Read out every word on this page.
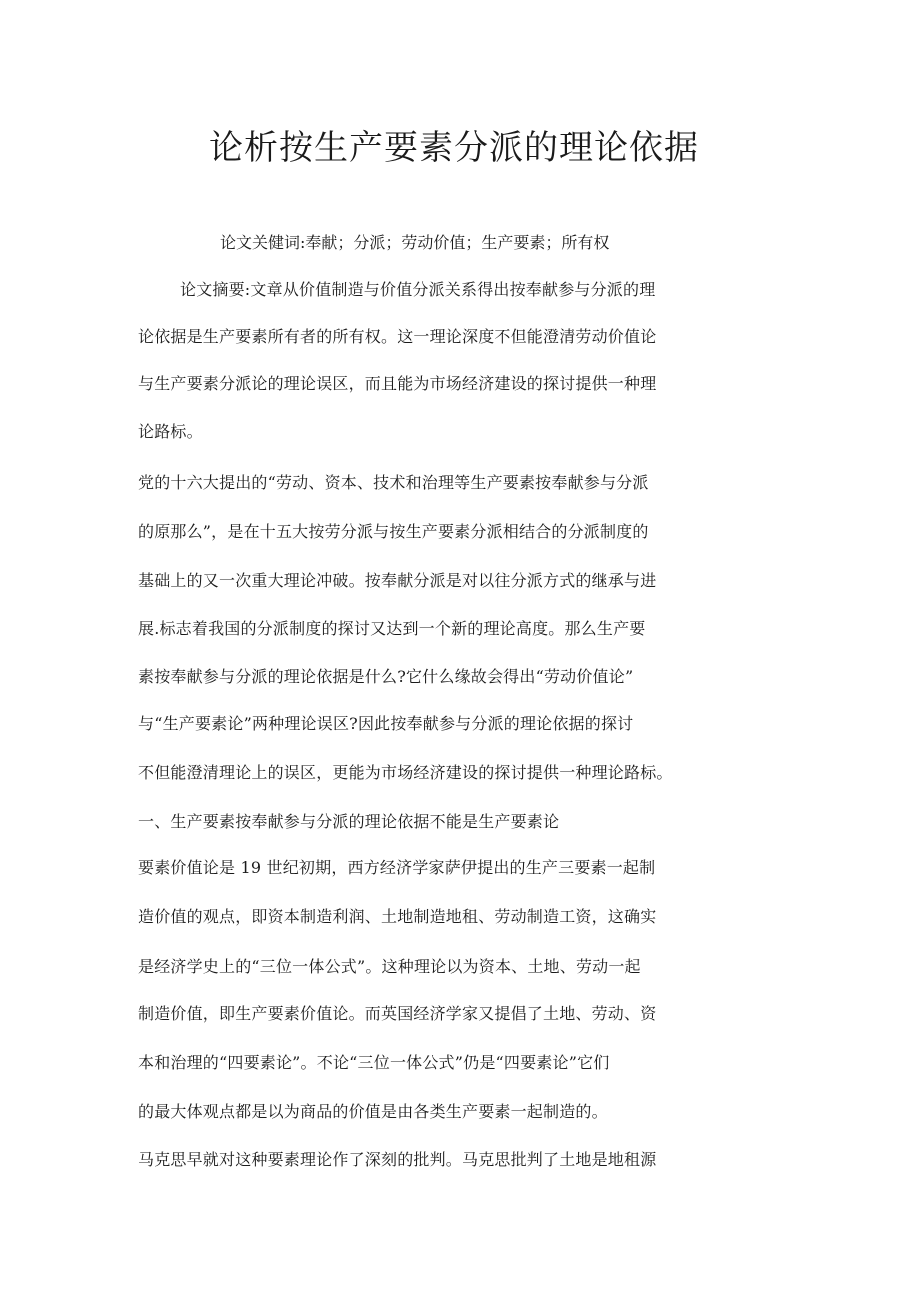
论析按生产要素分派的理论依据
论文关健词:奉献；分派；劳动价值；生产要素；所有权
论文摘要:文章从价值制造与价值分派关系得出按奉献参与分派的理
论依据是生产要素所有者的所有权。这一理论深度不但能澄清劳动价值论
与生产要素分派论的理论误区，而且能为市场经济建设的探讨提供一种理
论路标。
党的十六大提出的“劳动、资本、技术和治理等生产要素按奉献参与分派
的原那么”，是在十五大按劳分派与按生产要素分派相结合的分派制度的
基础上的又一次重大理论冲破。按奉献分派是对以往分派方式的继承与进
展.标志着我国的分派制度的探讨又达到一个新的理论高度。那么生产要
素按奉献参与分派的理论依据是什么?它什么缘故会得出“劳动价值论”
与“生产要素论”两种理论误区?因此按奉献参与分派的理论依据的探讨
不但能澄清理论上的误区，更能为市场经济建设的探讨提供一种理论路标。
一、生产要素按奉献参与分派的理论依据不能是生产要素论
要素价值论是 19 世纪初期，西方经济学家萨伊提出的生产三要素一起制
造价值的观点，即资本制造利润、土地制造地租、劳动制造工资，这确实
是经济学史上的“三位一体公式”。这种理论以为资本、土地、劳动一起
制造价值，即生产要素价值论。而英国经济学家又提倡了土地、劳动、资
本和治理的“四要素论”。不论“三位一体公式”仍是“四要素论”它们
的最大体观点都是以为商品的价值是由各类生产要素一起制造的。
马克思早就对这种要素理论作了深刻的批判。马克思批判了土地是地租源
